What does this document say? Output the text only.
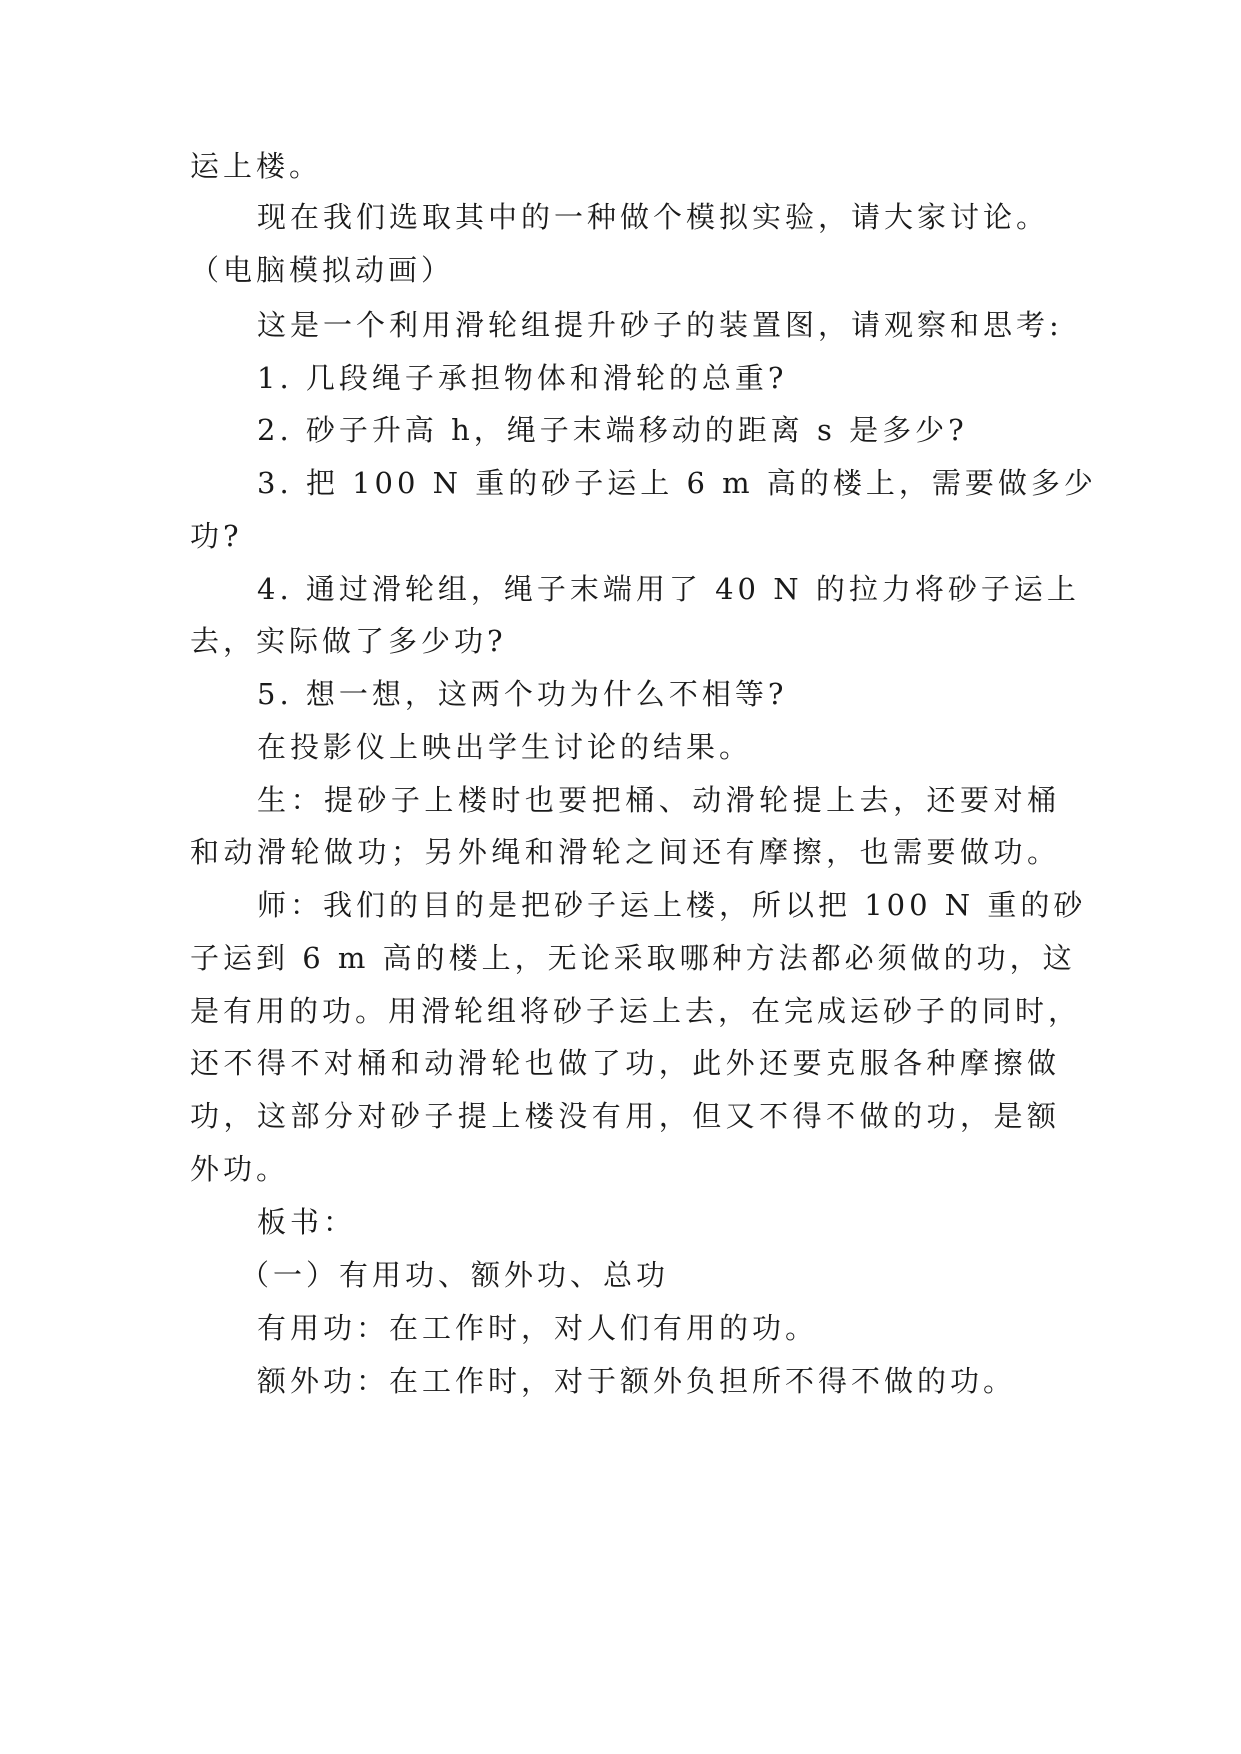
运上楼。
现在我们选取其中的一种做个模拟实验，请大家讨论。
（电脑模拟动画）
这是一个利用滑轮组提升砂子的装置图，请观察和思考:
1. 几段绳子承担物体和滑轮的总重?
2. 砂子升高 h，绳子末端移动的距离 s 是多少?
3. 把 100 N 重的砂子运上 6 m 高的楼上，需要做多少
功?
4. 通过滑轮组，绳子末端用了 40 N 的拉力将砂子运上
去，实际做了多少功?
5. 想一想，这两个功为什么不相等?
在投影仪上映出学生讨论的结果。
生：提砂子上楼时也要把桶、动滑轮提上去，还要对桶
和动滑轮做功；另外绳和滑轮之间还有摩擦，也需要做功。
师：我们的目的是把砂子运上楼，所以把 100 N 重的砂
子运到 6 m 高的楼上，无论采取哪种方法都必须做的功，这
是有用的功。用滑轮组将砂子运上去，在完成运砂子的同时，
还不得不对桶和动滑轮也做了功，此外还要克服各种摩擦做
功，这部分对砂子提上楼没有用，但又不得不做的功，是额
外功。
板书：
（一）有用功、额外功、总功
有用功：在工作时，对人们有用的功。
额外功：在工作时，对于额外负担所不得不做的功。
